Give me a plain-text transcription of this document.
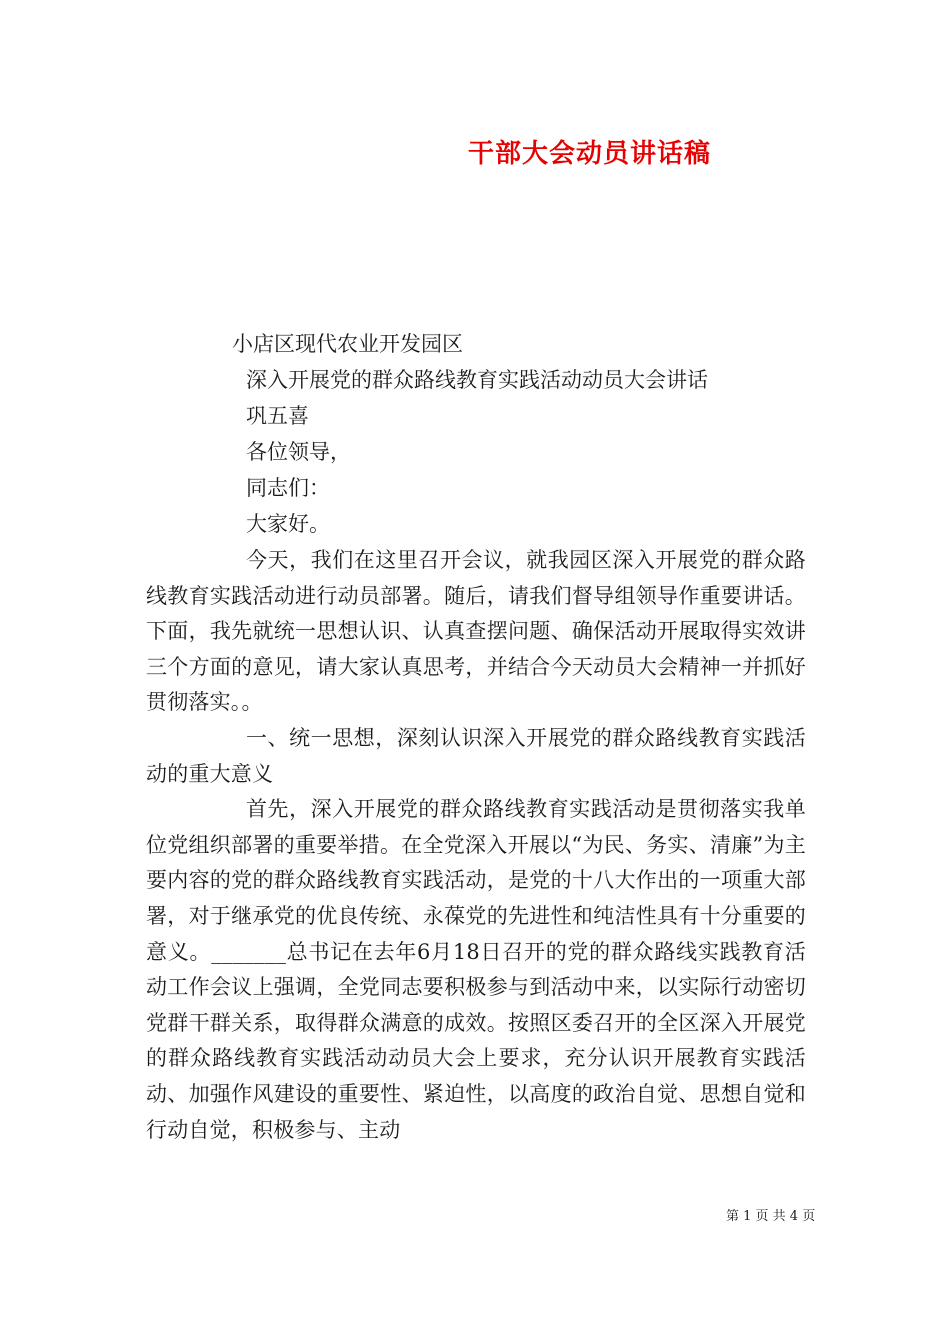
干部大会动员讲话稿
小店区现代农业开发园区
深入开展党的群众路线教育实践活动动员大会讲话
巩五喜
各位领导，
同志们：
大家好。

今天，我们在这里召开会议，就我园区深入开展党的群众路线教育实践活动进行动员部署。随后，请我们督导组领导作重要讲话。下面，我先就统一思想认识、认真查摆问题、确保活动开展取得实效讲三个方面的意见，请大家认真思考，并结合今天动员大会精神一并抓好贯彻落实。。

一、统一思想，深刻认识深入开展党的群众路线教育实践活动的重大意义

首先，深入开展党的群众路线教育实践活动是贯彻落实我单位党组织部署的重要举措。在全党深入开展以“为民、务实、清廉”为主要内容的党的群众路线教育实践活动，是党的十八大作出的一项重大部署，对于继承党的优良传统、永葆党的先进性和纯洁性具有十分重要的意义。_______总书记在去年6月18日召开的党的群众路线实践教育活动工作会议上强调，全党同志要积极参与到活动中来，以实际行动密切党群干群关系，取得群众满意的成效。按照区委召开的全区深入开展党的群众路线教育实践活动动员大会上要求，充分认识开展教育实践活动、加强作风建设的重要性、紧迫性，以高度的政治自觉、思想自觉和行动自觉，积极参与、主动

第 1 页 共 4 页
